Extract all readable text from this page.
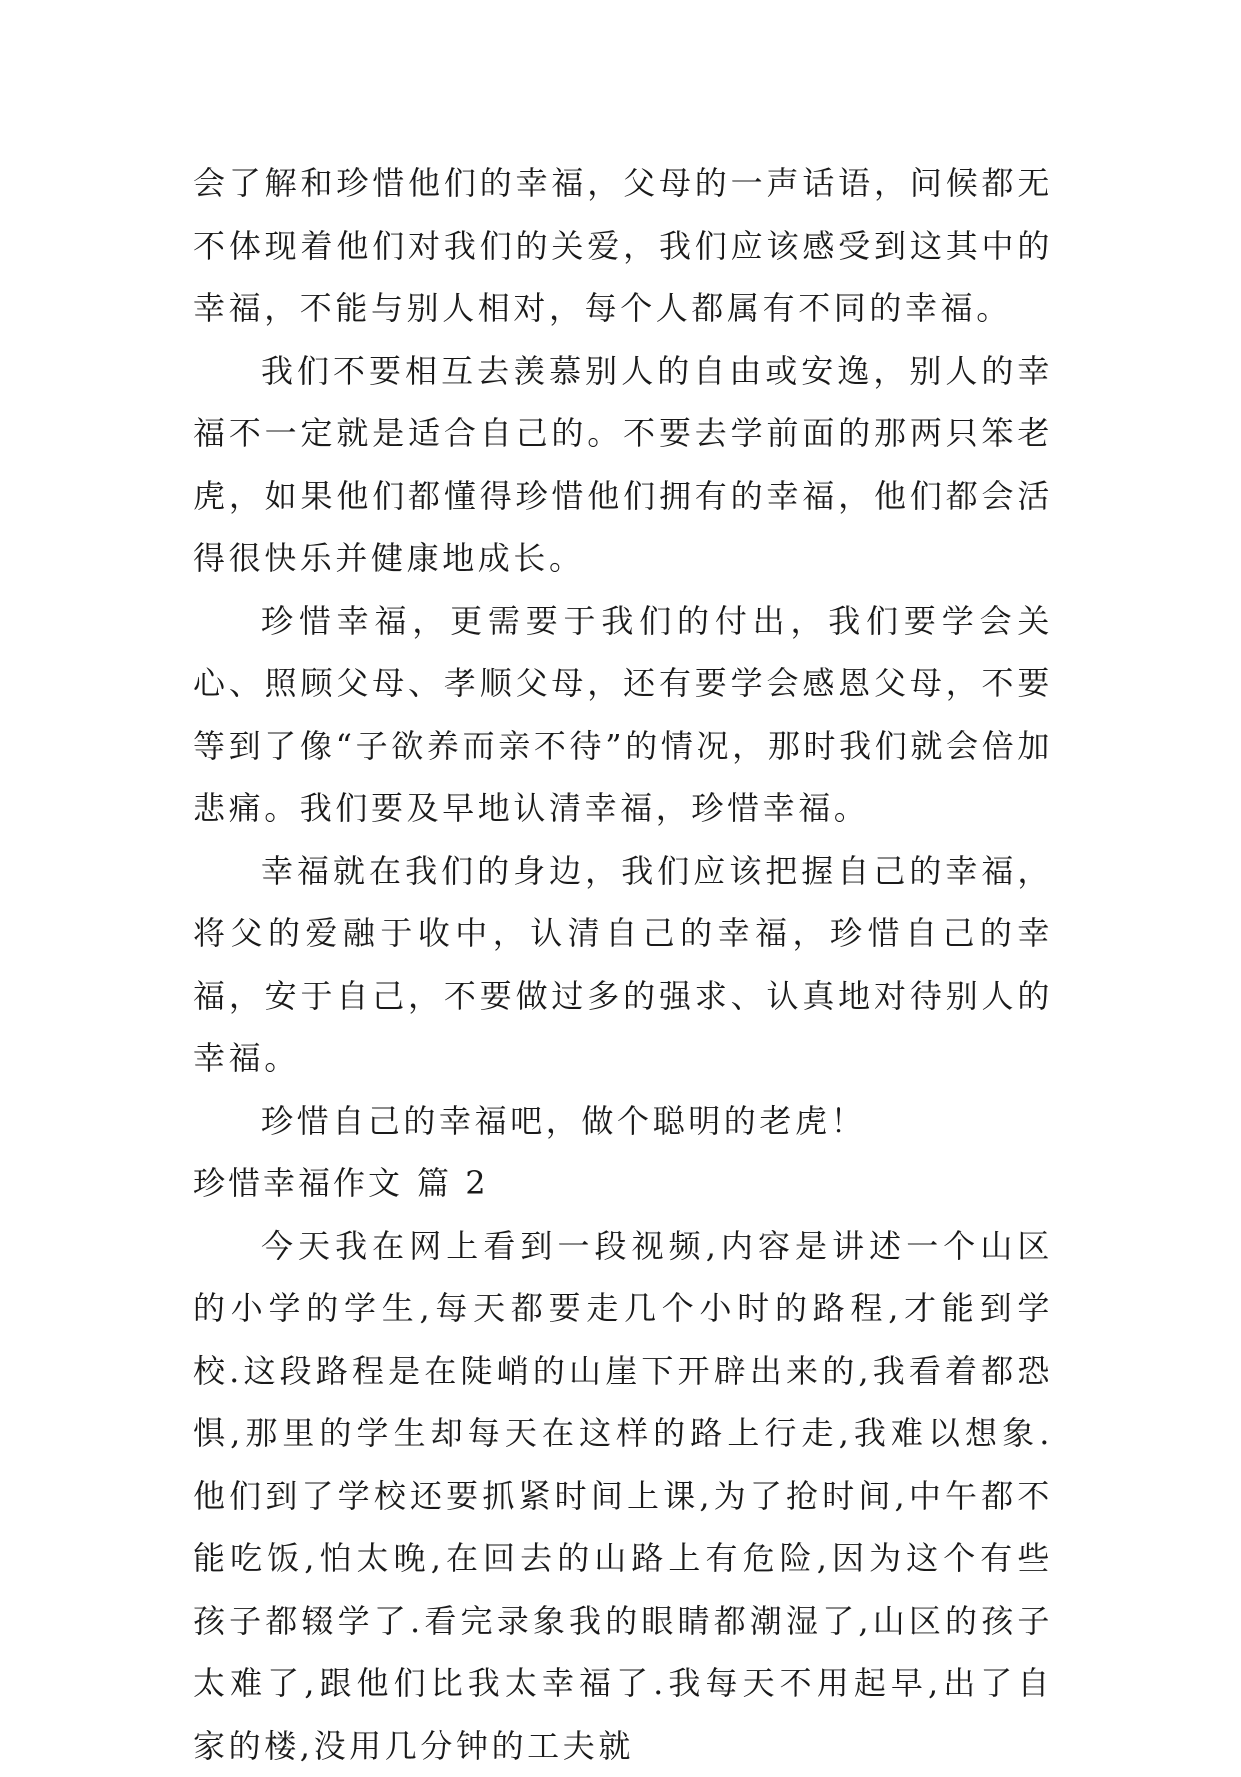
会了解和珍惜他们的幸福，父母的一声话语，问候都无不体现着他们对我们的关爱，我们应该感受到这其中的幸福，不能与别人相对，每个人都属有不同的幸福。

我们不要相互去羡慕别人的自由或安逸，别人的幸福不一定就是适合自己的。不要去学前面的那两只笨老虎，如果他们都懂得珍惜他们拥有的幸福，他们都会活得很快乐并健康地成长。

珍惜幸福，更需要于我们的付出，我们要学会关心、照顾父母、孝顺父母，还有要学会感恩父母，不要等到了像“子欲养而亲不待”的情况，那时我们就会倍加悲痛。我们要及早地认清幸福，珍惜幸福。

幸福就在我们的身边，我们应该把握自己的幸福，将父的爱融于收中，认清自己的幸福，珍惜自己的幸福，安于自己，不要做过多的强求、认真地对待别人的幸福。

珍惜自己的幸福吧，做个聪明的老虎！

珍惜幸福作文 篇 2

今天我在网上看到一段视频,内容是讲述一个山区的小学的学生,每天都要走几个小时的路程,才能到学校.这段路程是在陡峭的山崖下开辟出来的,我看着都恐惧,那里的学生却每天在这样的路上行走,我难以想象.他们到了学校还要抓紧时间上课,为了抢时间,中午都不能吃饭,怕太晚,在回去的山路上有危险,因为这个有些孩子都辍学了.看完录象我的眼睛都潮湿了,山区的孩子太难了,跟他们比我太幸福了.我每天不用起早,出了自家的楼,没用几分钟的工夫就
